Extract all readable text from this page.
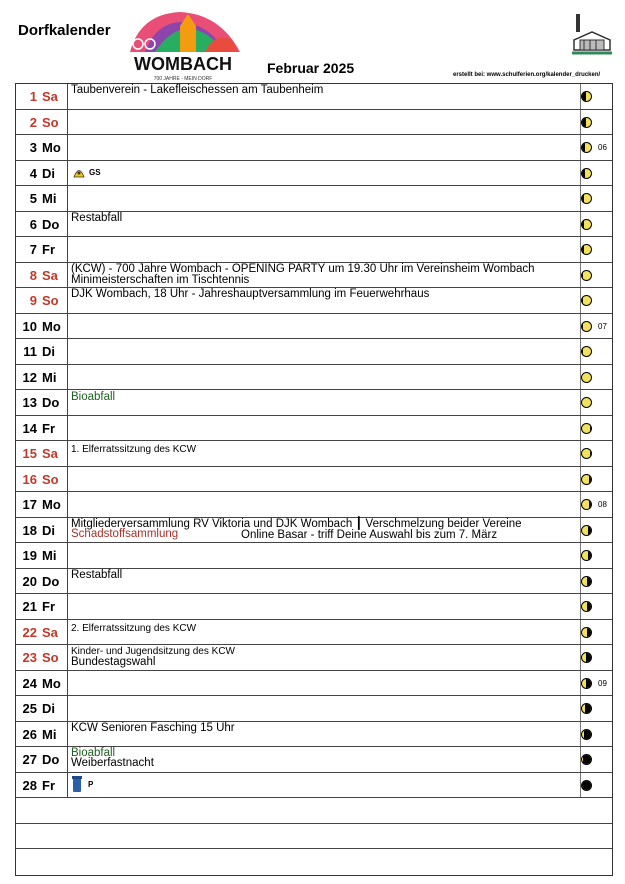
Dorfkalender
WOMBACH
700 JAHRE - MEIN DORF
Februar 2025	erstellt bei: www.schulferien.org/kalender_drucken/
1 Sa Taubenverein - Lakefleischessen am Taubenheim
2 So
3 Mo	06
4 Di	GS
5 Mi
6 Do Restabfall
7 Fr
8 Sa (KCW) - 700 Jahre Wombach - OPENING PARTY um 19.30 Uhr im Vereinsheim Wombach
Minimeisterschaften im Tischtennis
9 So DJK Wombach, 18 Uhr - Jahreshauptversammlung im Feuerwehrhaus
10 Mo	07
11 Di
12 Mi
13 Do Bioabfall
14 Fr
15 Sa 1. Elferratssitzung des KCW
16 So
17 Mo	08
18 Di Mitgliederversammlung RV Viktoria und DJK Wombach ┃ Verschmelzung beider Vereine
Schadstoffsammlung	Online Basar - triff Deine Auswahl bis zum 7. März
19 Mi
20 Do Restabfall
21 Fr
22 Sa 2. Elferratssitzung des KCW
23 So Kinder- und Jugendsitzung des KCW
Bundestagswahl
24 Mo	09
25 Di
26 Mi KCW Senioren Fasching 15 Uhr
27 Do Bioabfall
Weiberfastnacht
28 Fr	P
